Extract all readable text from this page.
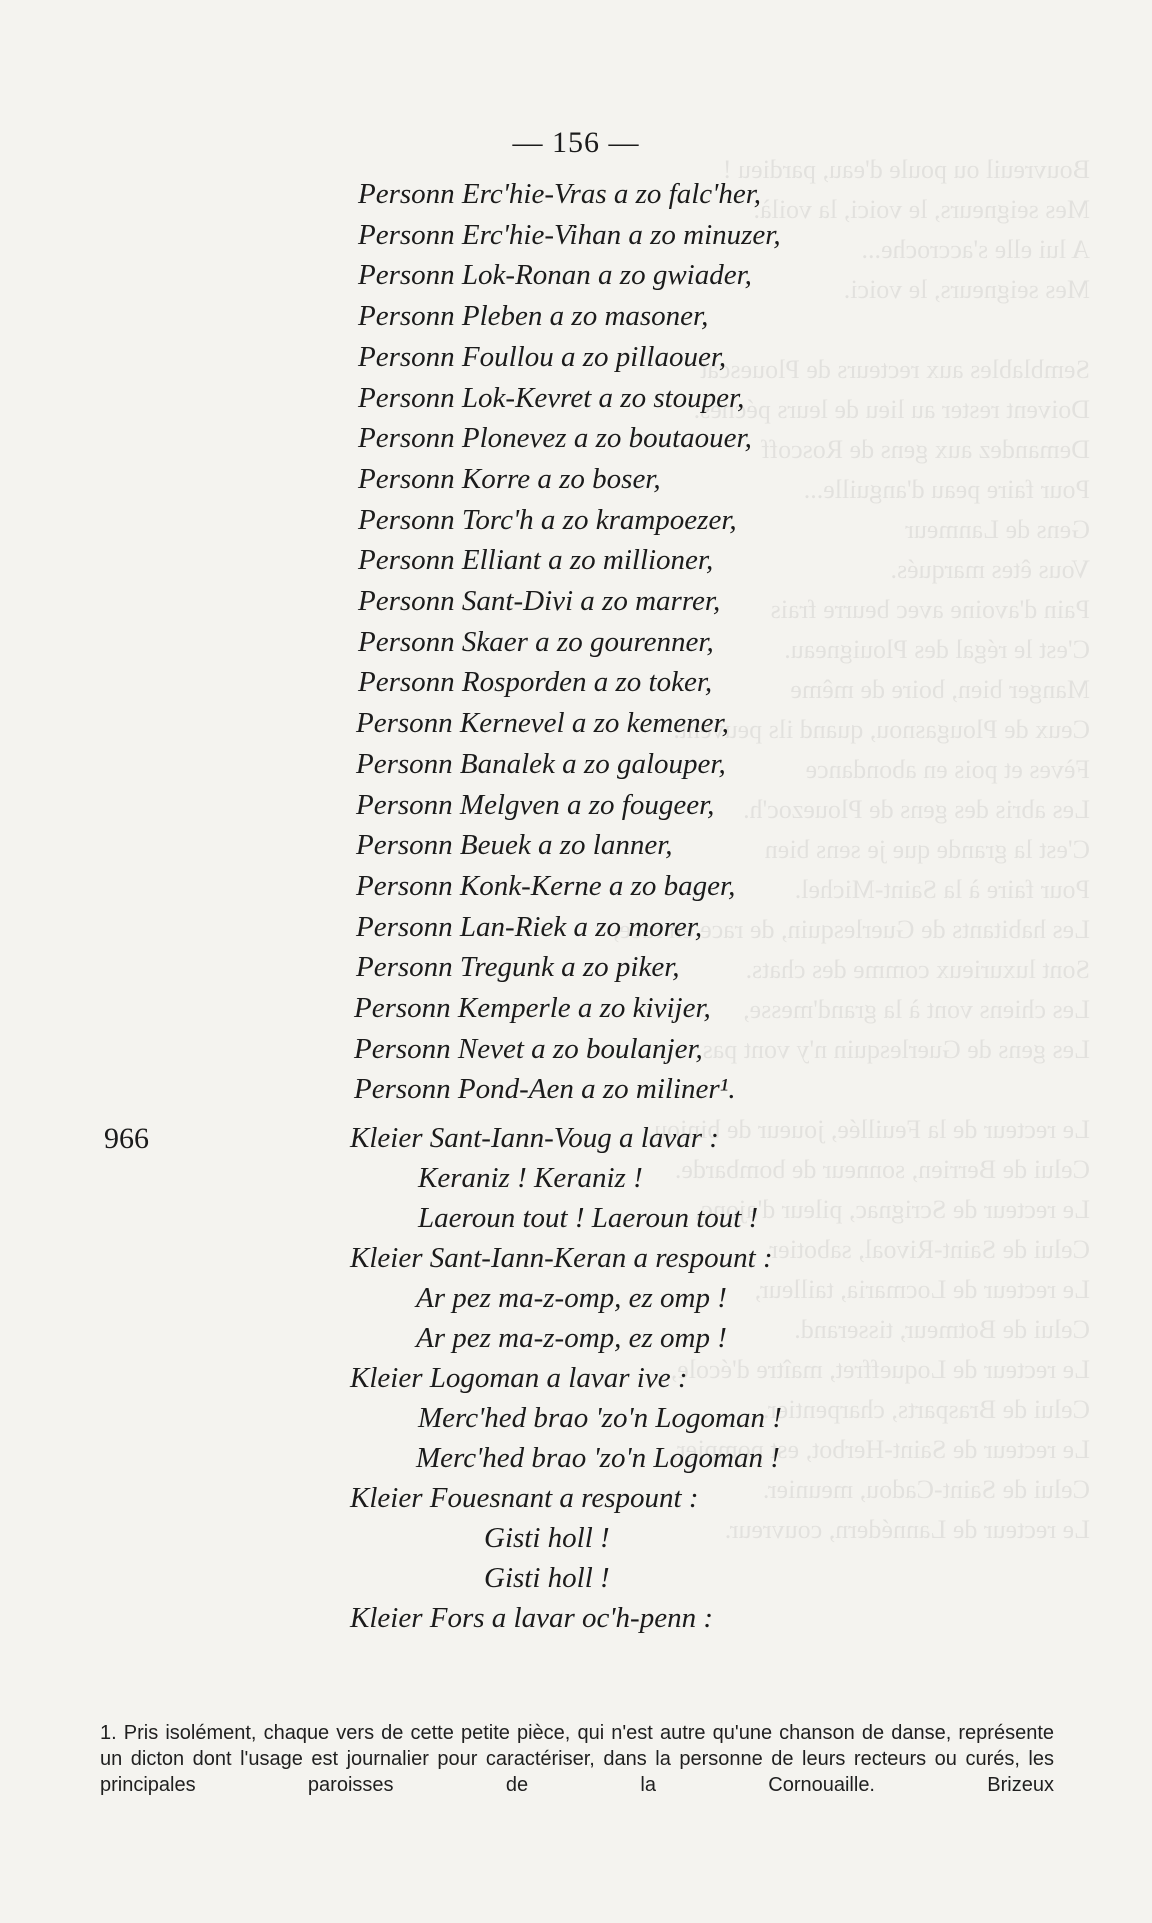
Bouvreuil ou poule d'eau, pardieu !
Mes seigneurs, le voici, la voilà.
A lui elle s'accroche...
Mes seigneurs, le voici.

Semblables aux recteurs de Plouescat
Doivent rester au lieu de leurs péchés.
Demandez aux gens de Roscoff
Pour faire peau d'anguille...
Gens de Lanmeur
Vous êtes marqués.
Pain d'avoine avec beurre frais
C'est le régal des Plouigneau.
Manger bien, boire de même
Ceux de Plougasnou, quand ils peuvent.
Fèves et pois en abondance
Les abris des gens de Plouezoc'h.
C'est la grande que je sens bien
Pour faire à la Saint-Michel.
Les habitants de Guerlesquin, de race en race,
Sont luxurieux comme des chats.
Les chiens vont à la grand'messe,
Les gens de Guerlesquin n'y vont pas.

Le recteur de la Feuillée, joueur de biniou,
Celui de Berrien, sonneur de bombarde.
Le recteur de Scrignac, pileur d'ajonc,
Celui de Saint-Rivoal, sabotier.
Le recteur de Locmaria, tailleur,
Celui de Botmeur, tisserand.
Le recteur de Loqueffret, maître d'école,
Celui de Brasparts, charpentier.
Le recteur de Saint-Herbot, est pompier,
Celui de Saint-Cadou, meunier.
Le recteur de Lannédern, couvreur.
— 156 —
Personn Erc'hie-Vras a zo falc'her,
Personn Erc'hie-Vihan a zo minuzer,
Personn Lok-Ronan a zo gwiader,
Personn Pleben a zo masoner,
Personn Foullou a zo pillaouer,
Personn Lok-Kevret a zo stouper,
Personn Plonevez a zo boutaouer,
Personn Korre a zo boser,
Personn Torc'h a zo krampoezer,
Personn Elliant a zo millioner,
Personn Sant-Divi a zo marrer,
Personn Skaer a zo gourenner,
Personn Rosporden a zo toker,
Personn Kernevel a zo kemener,
Personn Banalek a zo galouper,
Personn Melgven a zo fougeer,
Personn Beuek a zo lanner,
Personn Konk-Kerne a zo bager,
Personn Lan-Riek a zo morer,
Personn Tregunk a zo piker,
Personn Kemperle a zo kivijer,
Personn Nevet a zo boulanjer,
Personn Pond-Aen a zo miliner¹.
966	Kleier Sant-Iann-Voug a lavar :
Keraniz ! Keraniz !
Laeroun tout ! Laeroun tout !
Kleier Sant-Iann-Keran a respount :
Ar pez ma-z-omp, ez omp !
Ar pez ma-z-omp, ez omp !
Kleier Logoman a lavar ive :
Merc'hed brao 'zo'n Logoman !
Merc'hed brao 'zo'n Logoman !
Kleier Fouesnant a respount :
Gisti holl !
Gisti holl !
Kleier Fors a lavar oc'h-penn :
1. Pris isolément, chaque vers de cette petite pièce, qui n'est autre qu'une chanson de danse, représente un dicton dont l'usage est journalier pour caractériser, dans la personne de leurs recteurs ou curés, les principales paroisses de la Cornouaille. Brizeux
